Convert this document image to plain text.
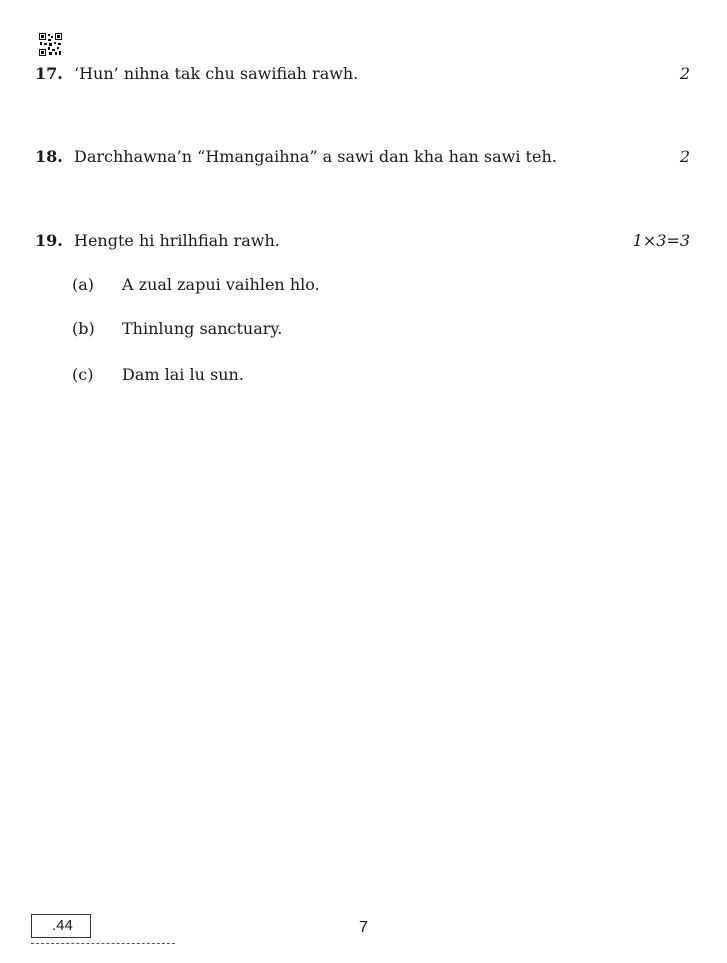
17. ‘Hun’ nihna tak chu sawifiah rawh.	2
18. Darchhawna’n “Hmangaihna” a sawi dan kha han sawi teh.	2
19. Hengte hi hrilhfiah rawh.	1×3=3
(a) A zual zapui vaihlen hlo.
(b) Thinlung sanctuary.
(c) Dam lai lu sun.
.44	7
